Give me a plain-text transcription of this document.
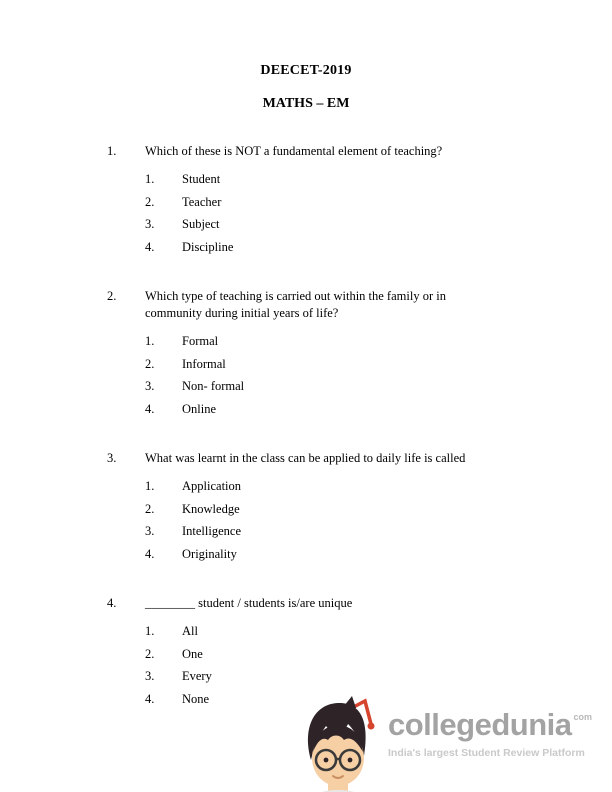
DEECET-2019
MATHS – EM
1.	Which of these is NOT a fundamental element of teaching?
1.	Student
2.	Teacher
3.	Subject
4.	Discipline
2.	Which type of teaching is carried out within the family or in community during initial years of life?
1.	Formal
2.	Informal
3.	Non- formal
4.	Online
3.	What was learnt in the class can be applied to daily life is called
1.	Application
2.	Knowledge
3.	Intelligence
4.	Originality
4.	________ student / students is/are unique
1.	All
2.	One
3.	Every
4.	None
collegedunia com
India's largest Student Review Platform
